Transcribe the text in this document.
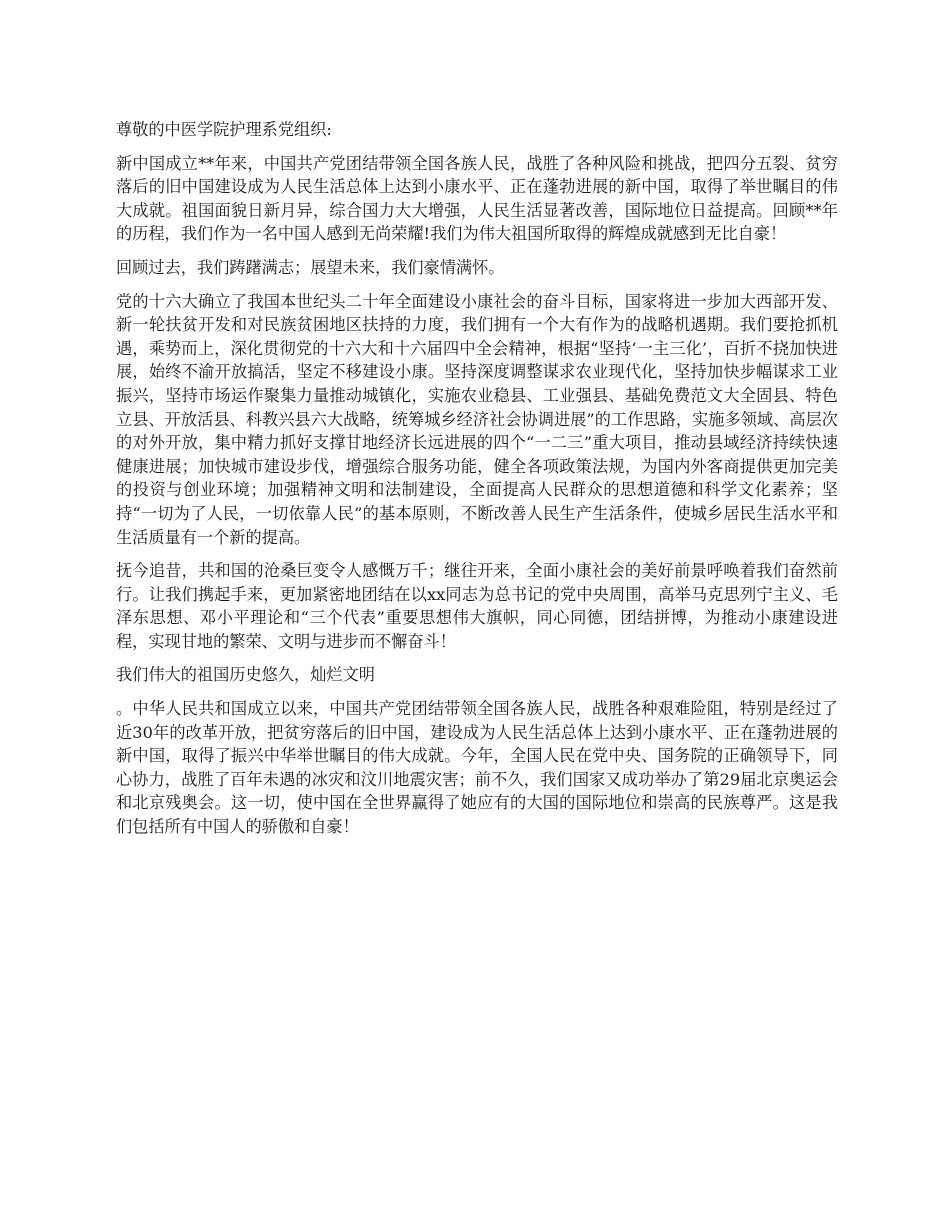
尊敬的中医学院护理系党组织:

新中国成立**年来，中国共产党团结带领全国各族人民，战胜了各种风险和挑战，把四分五裂、贫穷落后的旧中国建设成为人民生活总体上达到小康水平、正在蓬勃进展的新中国，取得了举世瞩目的伟大成就。祖国面貌日新月异，综合国力大大增强，人民生活显著改善，国际地位日益提高。回顾**年的历程，我们作为一名中国人感到无尚荣耀!我们为伟大祖国所取得的辉煌成就感到无比自豪！

回顾过去，我们踌躇满志；展望未来，我们豪情满怀。

党的十六大确立了我国本世纪头二十年全面建设小康社会的奋斗目标，国家将进一步加大西部开发、新一轮扶贫开发和对民族贫困地区扶持的力度，我们拥有一个大有作为的战略机遇期。我们要抢抓机遇，乘势而上，深化贯彻党的十六大和十六届四中全会精神，根据“坚持‘一主三化’，百折不挠加快进展，始终不渝开放搞活，坚定不移建设小康。坚持深度调整谋求农业现代化，坚持加快步幅谋求工业振兴，坚持市场运作聚集力量推动城镇化，实施农业稳县、工业强县、基础免费范文大全固县、特色立县、开放活县、科教兴县六大战略，统筹城乡经济社会协调进展”的工作思路，实施多领域、高层次的对外开放，集中精力抓好支撑甘地经济长远进展的四个“一二三”重大项目，推动县域经济持续快速健康进展；加快城市建设步伐，增强综合服务功能，健全各项政策法规，为国内外客商提供更加完美的投资与创业环境；加强精神文明和法制建设，全面提高人民群众的思想道德和科学文化素养；坚持“一切为了人民，一切依靠人民”的基本原则，不断改善人民生产生活条件，使城乡居民生活水平和生活质量有一个新的提高。

抚今追昔，共和国的沧桑巨变令人感慨万千；继往开来，全面小康社会的美好前景呼唤着我们奋然前行。让我们携起手来，更加紧密地团结在以xx同志为总书记的党中央周围，高举马克思列宁主义、毛泽东思想、邓小平理论和“三个代表”重要思想伟大旗帜，同心同德，团结拼博，为推动小康建设进程，实现甘地的繁荣、文明与进步而不懈奋斗！

我们伟大的祖国历史悠久，灿烂文明

。中华人民共和国成立以来，中国共产党团结带领全国各族人民，战胜各种艰难险阻，特别是经过了近30年的改革开放，把贫穷落后的旧中国，建设成为人民生活总体上达到小康水平、正在蓬勃进展的新中国，取得了振兴中华举世瞩目的伟大成就。今年，全国人民在党中央、国务院的正确领导下，同心协力，战胜了百年未遇的冰灾和汶川地震灾害；前不久，我们国家又成功举办了第29届北京奥运会和北京残奥会。这一切，使中国在全世界赢得了她应有的大国的国际地位和崇高的民族尊严。这是我们包括所有中国人的骄傲和自豪！
